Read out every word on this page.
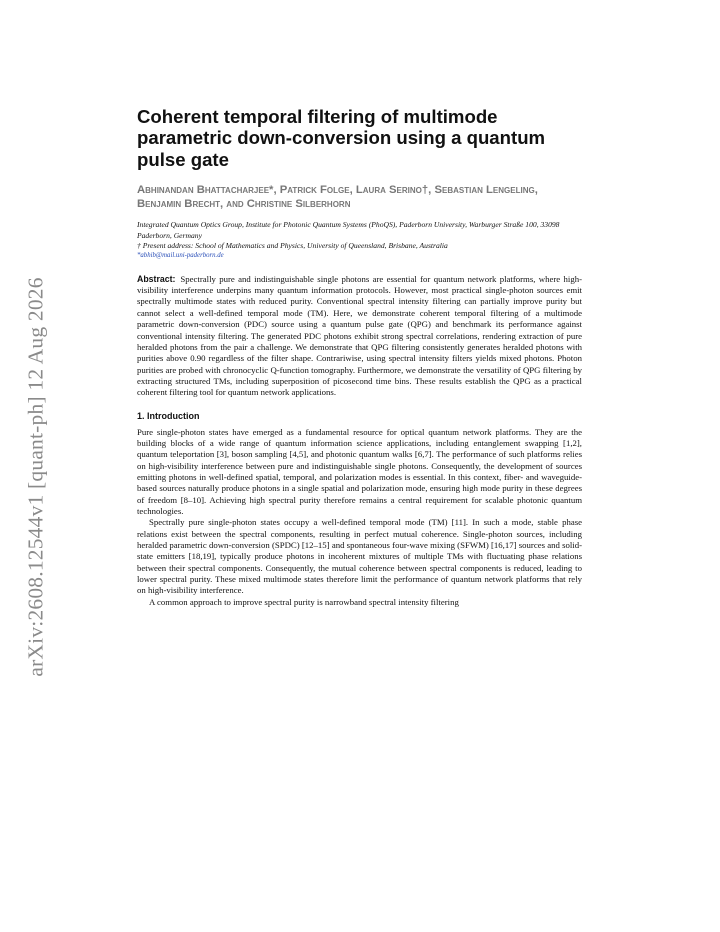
arXiv:2608.12544v1 [quant-ph] 12 Aug 2026
Coherent temporal filtering of multimode parametric down-conversion using a quantum pulse gate
Abhinandan Bhattacharjee*, Patrick Folge, Laura Serino†, Sebastian Lengeling, Benjamin Brecht, and Christine Silberhorn
Integrated Quantum Optics Group, Institute for Photonic Quantum Systems (PhoQS), Paderborn University, Warburger Straße 100, 33098 Paderborn, Germany
† Present address: School of Mathematics and Physics, University of Queensland, Brisbane, Australia
*abhib@mail.uni-paderborn.de
Abstract: Spectrally pure and indistinguishable single photons are essential for quantum network platforms, where high-visibility interference underpins many quantum information protocols. However, most practical single-photon sources emit spectrally multimode states with reduced purity. Conventional spectral intensity filtering can partially improve purity but cannot select a well-defined temporal mode (TM). Here, we demonstrate coherent temporal filtering of a multimode parametric down-conversion (PDC) source using a quantum pulse gate (QPG) and benchmark its performance against conventional intensity filtering. The generated PDC photons exhibit strong spectral correlations, rendering extraction of pure heralded photons from the pair a challenge. We demonstrate that QPG filtering consistently generates heralded photons with purities above 0.90 regardless of the filter shape. Contrariwise, using spectral intensity filters yields mixed photons. Photon purities are probed with chronocyclic Q-function tomography. Furthermore, we demonstrate the versatility of QPG filtering by extracting structured TMs, including superposition of picosecond time bins. These results establish the QPG as a practical coherent filtering tool for quantum network applications.
1. Introduction

Pure single-photon states have emerged as a fundamental resource for optical quantum network platforms. They are the building blocks of a wide range of quantum information science applications, including entanglement swapping [1,2], quantum teleportation [3], boson sampling [4,5], and photonic quantum walks [6,7]. The performance of such platforms relies on high-visibility interference between pure and indistinguishable single photons. Consequently, the development of sources emitting photons in well-defined spatial, temporal, and polarization modes is essential. In this context, fiber- and waveguide-based sources naturally produce photons in a single spatial and polarization mode, ensuring high mode purity in these degrees of freedom [8–10]. Achieving high spectral purity therefore remains a central requirement for scalable photonic quantum technologies.

Spectrally pure single-photon states occupy a well-defined temporal mode (TM) [11]. In such a mode, stable phase relations exist between the spectral components, resulting in perfect mutual coherence. Single-photon sources, including heralded parametric down-conversion (SPDC) [12–15] and spontaneous four-wave mixing (SFWM) [16,17] sources and solid-state emitters [18,19], typically produce photons in incoherent mixtures of multiple TMs with fluctuating phase relations between their spectral components. Consequently, the mutual coherence between spectral components is reduced, leading to lower spectral purity. These mixed multimode states therefore limit the performance of quantum network platforms that rely on high-visibility interference.

A common approach to improve spectral purity is narrowband spectral intensity filtering
